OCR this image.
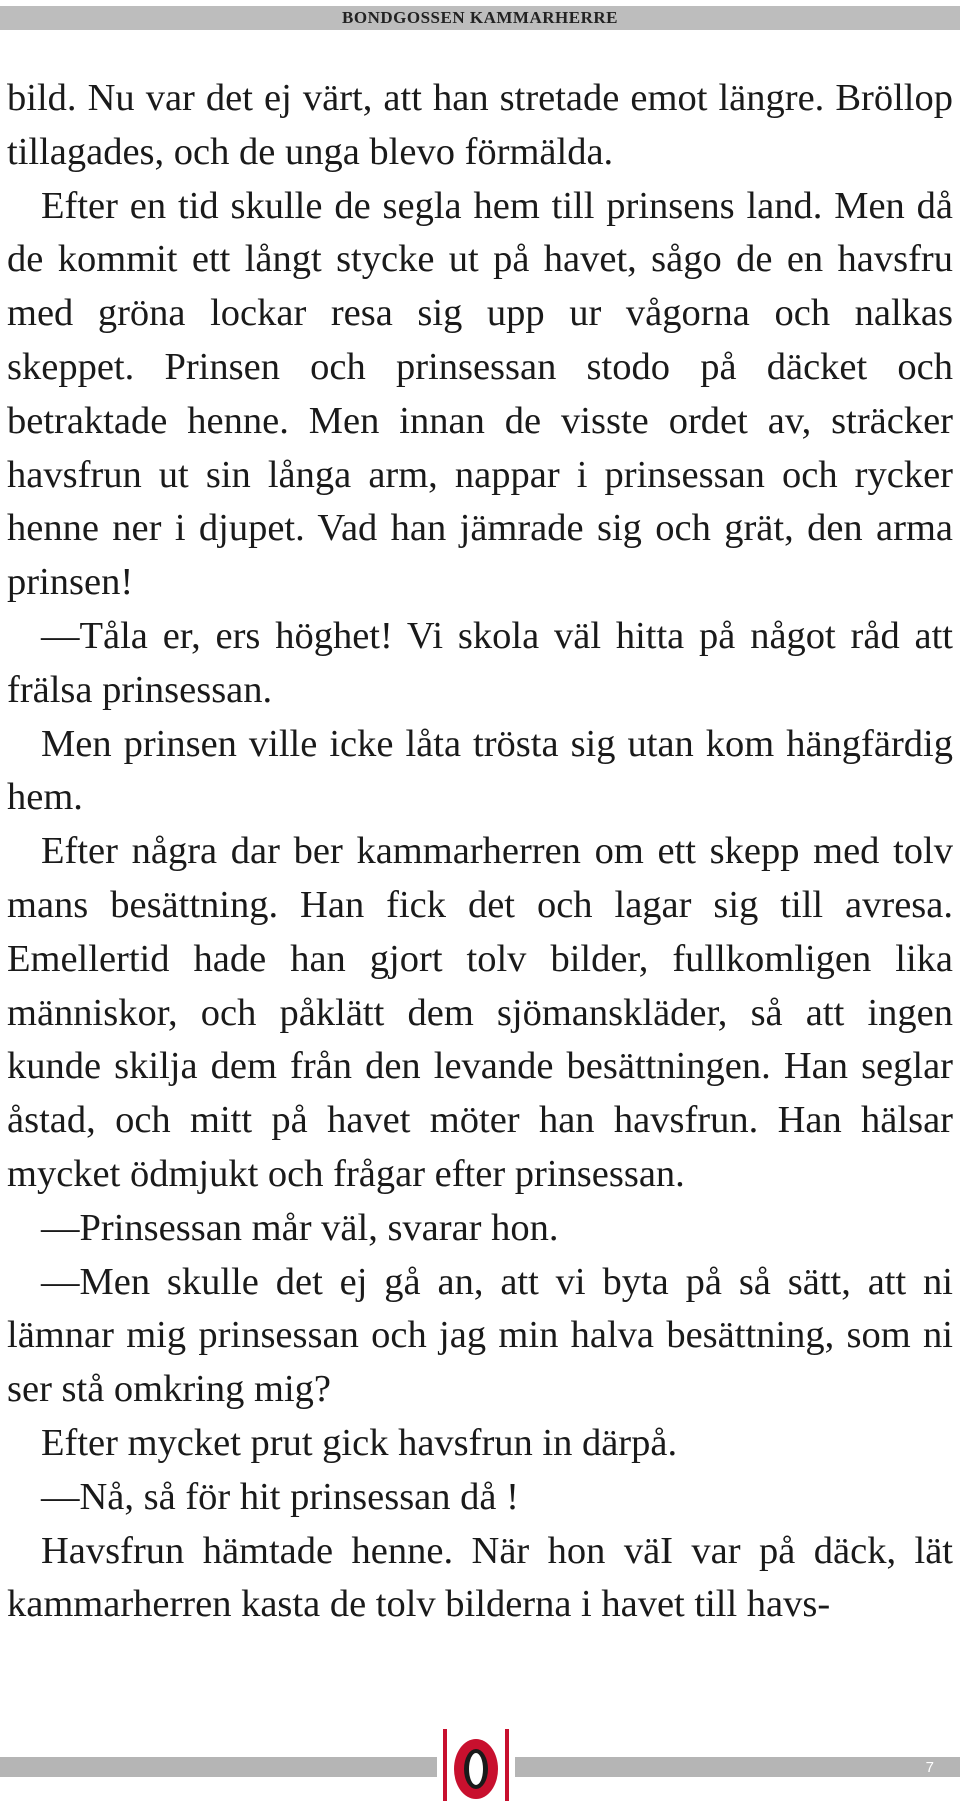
BONDGOSSEN KAMMARHERRE

bild. Nu var det ej värt, att han stretade emot längre. Bröllop tillagades, och de unga blevo förmälda.

Efter en tid skulle de segla hem till prinsens land. Men då de kommit ett långt stycke ut på havet, sågo de en havsfru med gröna lockar resa sig upp ur vågorna och nalkas skeppet. Prinsen och prinsessan stodo på däcket och betraktade henne. Men innan de visste ordet av, sträcker havsfrun ut sin långa arm, nappar i prinsessan och rycker henne ner i djupet. Vad han jämrade sig och grät, den arma prinsen!

—Tåla er, ers höghet! Vi skola väl hitta på något råd att frälsa prinsessan.

Men prinsen ville icke låta trösta sig utan kom hängfärdig hem.

Efter några dar ber kammarherren om ett skepp med tolv mans besättning. Han fick det och lagar sig till avresa. Emellertid hade han gjort tolv bilder, fullkomligen lika människor, och påklätt dem sjömanskläder, så att ingen kunde skilja dem från den levande besättningen. Han seglar åstad, och mitt på havet möter han havsfrun. Han hälsar mycket ödmjukt och frågar efter prinsessan.

—Prinsessan mår väl, svarar hon.

—Men skulle det ej gå an, att vi byta på så sätt, att ni lämnar mig prinsessan och jag min halva besättning, som ni ser stå omkring mig?

Efter mycket prut gick havsfrun in därpå.

—Nå, så för hit prinsessan då !

Havsfrun hämtade henne. När hon väI var på däck, lät kammarherren kasta de tolv bilderna i havet till havs-

7
